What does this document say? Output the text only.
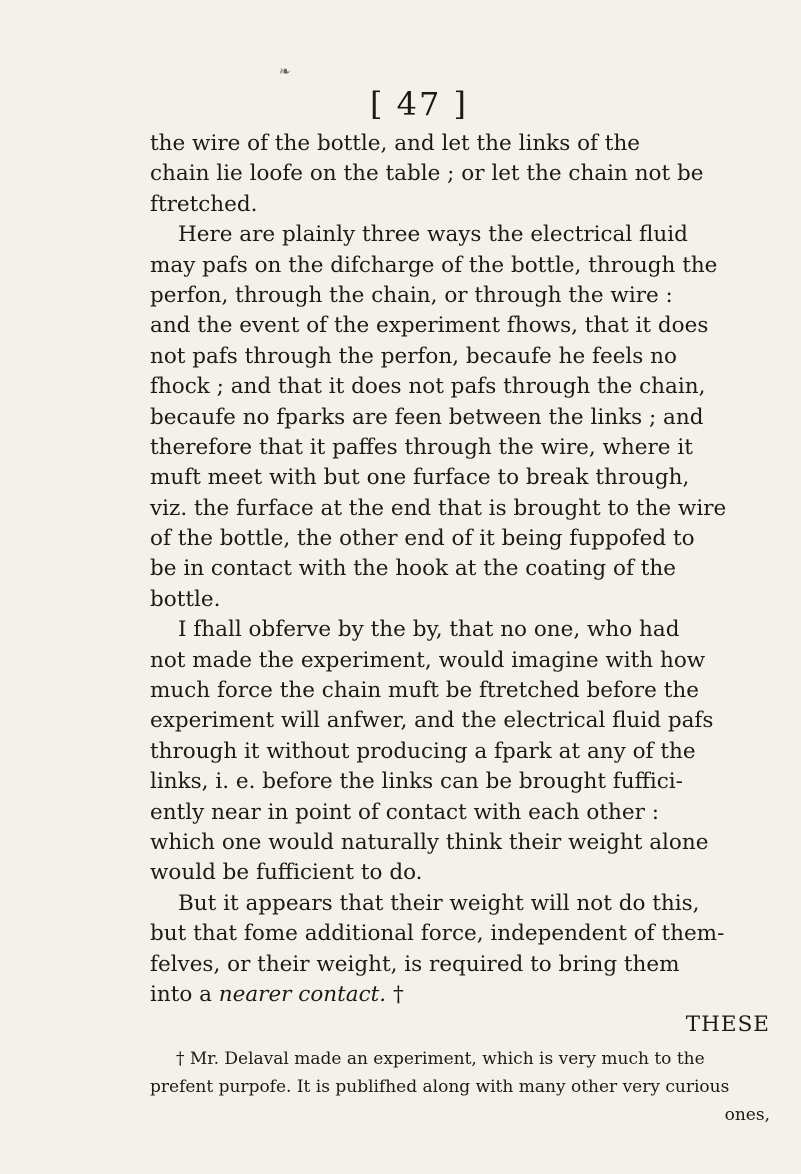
❧
[ 47 ]
the wire of the bottle, and let the links of the
chain lie loofe on the table ; or let the chain not be
ftretched.
Here are plainly three ways the electrical fluid
may pafs on the difcharge of the bottle, through the
perfon, through the chain, or through the wire :
and the event of the experiment fhows, that it does
not pafs through the perfon, becaufe he feels no
fhock ; and that it does not pafs through the chain,
becaufe no fparks are feen between the links ; and
therefore that it paffes through the wire, where it
muft meet with but one furface to break through,
viz. the furface at the end that is brought to the wire
of the bottle, the other end of it being fuppofed to
be in contact with the hook at the coating of the
bottle.
I fhall obferve by the by, that no one, who had
not made the experiment, would imagine with how
much force the chain muft be ftretched before the
experiment will anfwer, and the electrical fluid pafs
through it without producing a fpark at any of the
links, i. e. before the links can be brought fuffici-
ently near in point of contact with each other :
which one would naturally think their weight alone
would be fufficient to do.
But it appears that their weight will not do this,
but that fome additional force, independent of them-
felves, or their weight, is required to bring them
into a nearer contact. †
THESE
† Mr. Delaval made an experiment, which is very much to the
prefent purpofe. It is publifhed along with many other very curious
ones,
